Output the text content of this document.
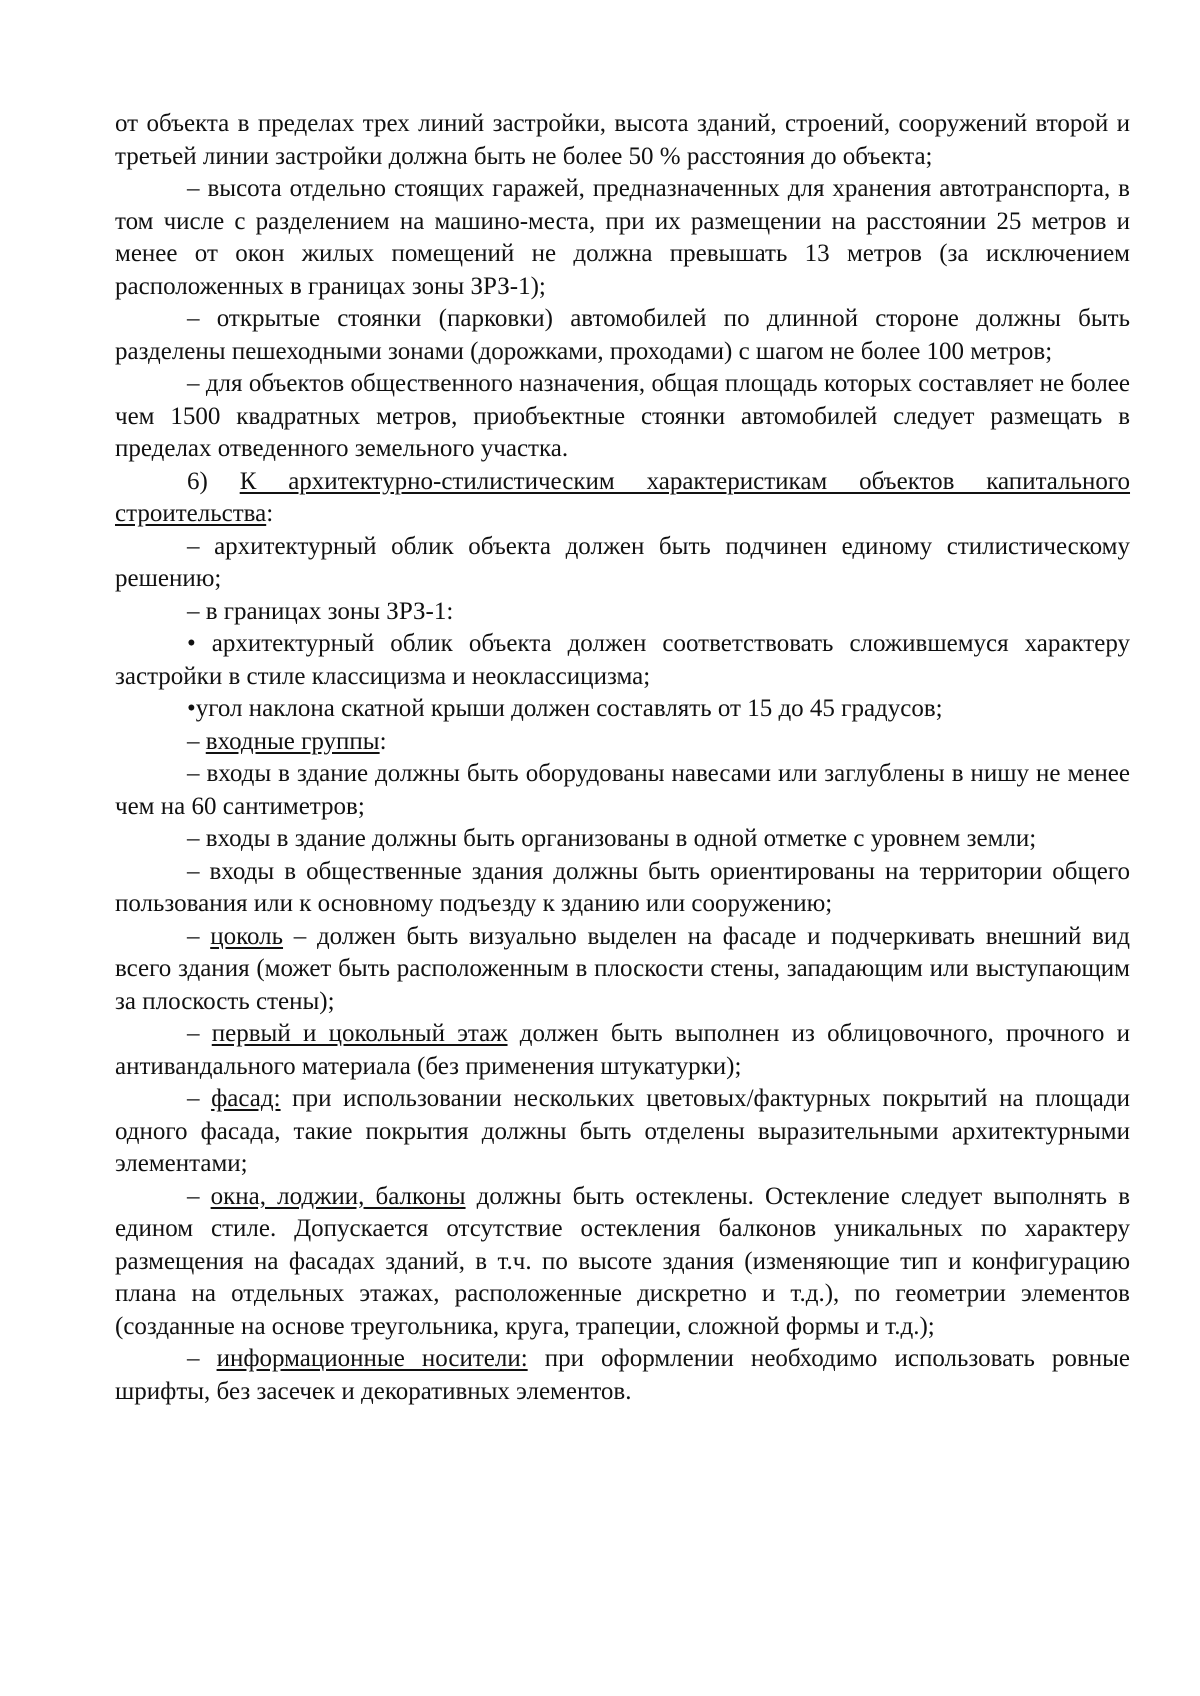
от объекта в пределах трех линий застройки, высота зданий, строений, сооружений второй и третьей линии застройки должна быть не более 50 % расстояния до объекта;

– высота отдельно стоящих гаражей, предназначенных для хранения автотранспорта, в том числе с разделением на машино-места, при их размещении на расстоянии 25 метров и менее от окон жилых помещений не должна превышать 13 метров (за исключением расположенных в границах зоны ЗРЗ-1);

– открытые стоянки (парковки) автомобилей по длинной стороне должны быть разделены пешеходными зонами (дорожками, проходами) с шагом не более 100 метров;

– для объектов общественного назначения, общая площадь которых составляет не более чем 1500 квадратных метров, приобъектные стоянки автомобилей следует размещать в пределах отведенного земельного участка.

6) К архитектурно-стилистическим характеристикам объектов капитального строительства:

– архитектурный облик объекта должен быть подчинен единому стилистическому решению;

– в границах зоны ЗРЗ-1:

• архитектурный облик объекта должен соответствовать сложившемуся характеру застройки в стиле классицизма и неоклассицизма;

•угол наклона скатной крыши должен составлять от 15 до 45 градусов;

– входные группы:

– входы в здание должны быть оборудованы навесами или заглублены в нишу не менее чем на 60 сантиметров;

– входы в здание должны быть организованы в одной отметке с уровнем земли;

– входы в общественные здания должны быть ориентированы на территории общего пользования или к основному подъезду к зданию или сооружению;

– цоколь – должен быть визуально выделен на фасаде и подчеркивать внешний вид всего здания (может быть расположенным в плоскости стены, западающим или выступающим за плоскость стены);

– первый и цокольный этаж должен быть выполнен из облицовочного, прочного и антивандального материала (без применения штукатурки);

– фасад: при использовании нескольких цветовых/фактурных покрытий на площади одного фасада, такие покрытия должны быть отделены выразительными архитектурными элементами;

– окна, лоджии, балконы должны быть остеклены. Остекление следует выполнять в едином стиле. Допускается отсутствие остекления балконов уникальных по характеру размещения на фасадах зданий, в т.ч. по высоте здания (изменяющие тип и конфигурацию плана на отдельных этажах, расположенные дискретно и т.д.), по геометрии элементов (созданные на основе треугольника, круга, трапеции, сложной формы и т.д.);

– информационные носители: при оформлении необходимо использовать ровные шрифты, без засечек и декоративных элементов.
